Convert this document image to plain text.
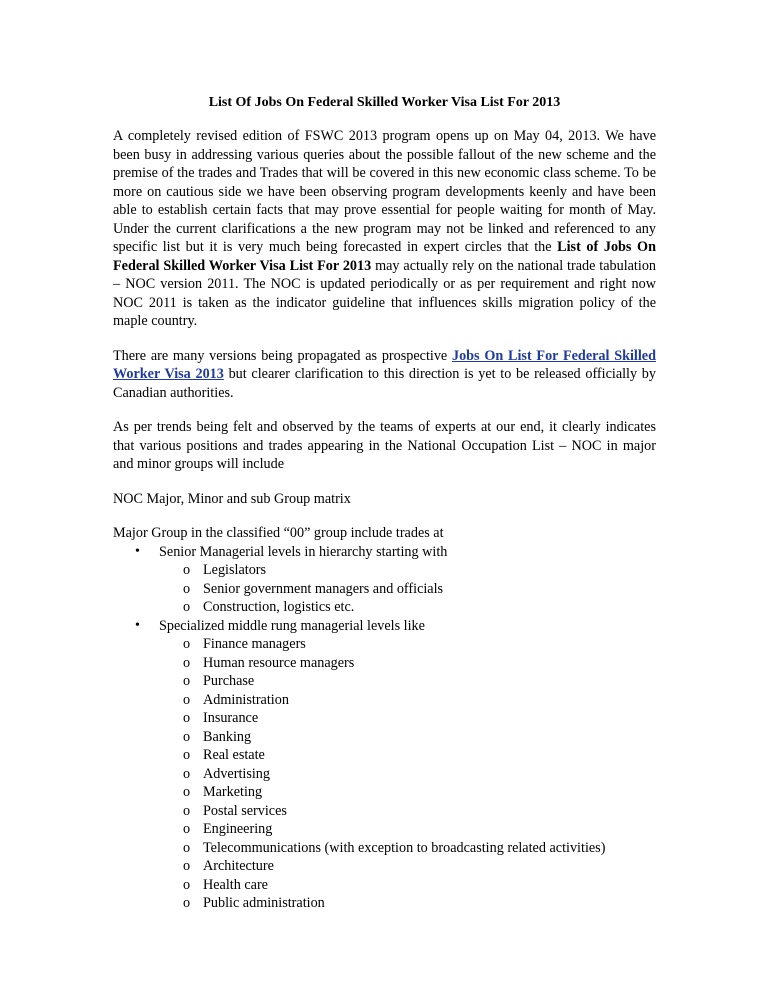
List Of Jobs On Federal Skilled Worker Visa List For 2013

A completely revised edition of FSWC 2013 program opens up on May 04, 2013. We have been busy in addressing various queries about the possible fallout of the new scheme and the premise of the trades and Trades that will be covered in this new economic class scheme. To be more on cautious side we have been observing program developments keenly and have been able to establish certain facts that may prove essential for people waiting for month of May. Under the current clarifications a the new program may not be linked and referenced to any specific list but it is very much being forecasted in expert circles that the List of Jobs On Federal Skilled Worker Visa List For 2013 may actually rely on the national trade tabulation – NOC version 2011. The NOC is updated periodically or as per requirement and right now NOC 2011 is taken as the indicator guideline that influences skills migration policy of the maple country.

There are many versions being propagated as prospective Jobs On List For Federal Skilled Worker Visa 2013 but clearer clarification to this direction is yet to be released officially by Canadian authorities.

As per trends being felt and observed by the teams of experts at our end, it clearly indicates that various positions and trades appearing in the National Occupation List – NOC in major and minor groups will include

NOC Major, Minor and sub Group matrix

Major Group in the classified “00” group include trades at
• Senior Managerial levels in hierarchy starting with
o Legislators
o Senior government managers and officials
o Construction, logistics etc.
• Specialized middle rung managerial levels like
o Finance managers
o Human resource managers
o Purchase
o Administration
o Insurance
o Banking
o Real estate
o Advertising
o Marketing
o Postal services
o Engineering
o Telecommunications (with exception to broadcasting related activities)
o Architecture
o Health care
o Public administration
